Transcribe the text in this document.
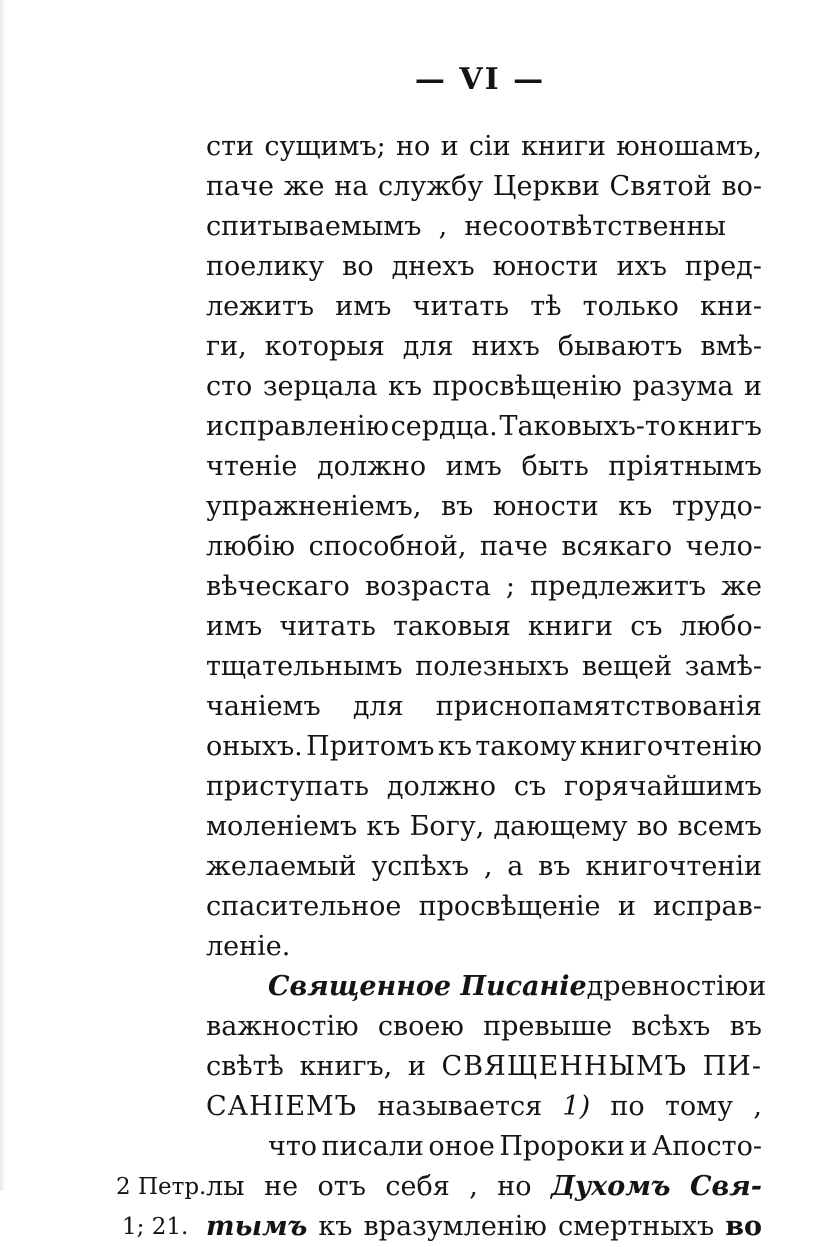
— VI —
сти сущимъ; но и сіи книги юношамъ,
паче же на службу Церкви Святой во-
спитываемымъ , несоотвѣтственны
поелику во днехъ юности ихъ пред-
лежитъ имъ читать тѣ только кни-
ги, которыя для нихъ бываютъ вмѣ-
сто зерцала къ просвѣщенію разума и
исправленію сердца. Таковыхъ-то книгъ
чтеніе должно имъ быть пріятнымъ
упражненіемъ, въ юности къ трудо-
любію способной, паче всякаго чело-
вѣческаго возраста ; предлежитъ же
имъ читать таковыя книги съ любо-
тщательнымъ полезныхъ вещей замѣ-
чаніемъ для приснопамятствованія
оныхъ. Притомъ къ такому книгочтенію
приступать должно съ горячайшимъ
моленіемъ къ Богу, дающему во всемъ
желаемый успѣхъ , а въ книгочтеніи
спасительное просвѣщеніе и исправ-
леніе.
Священное Писаніе древностію и
важностію своею превыше всѣхъ въ
свѣтѣ книгъ, и СВЯЩЕННЫМЪ ПИ-
САНІЕМЪ называется 1) по тому ,
что писали оное Пророки и Апосто-
лы не отъ себя , но Духомъ Свя-
тымъ къ вразумленію смертныхъ во
2 Петр.
1; 21.
